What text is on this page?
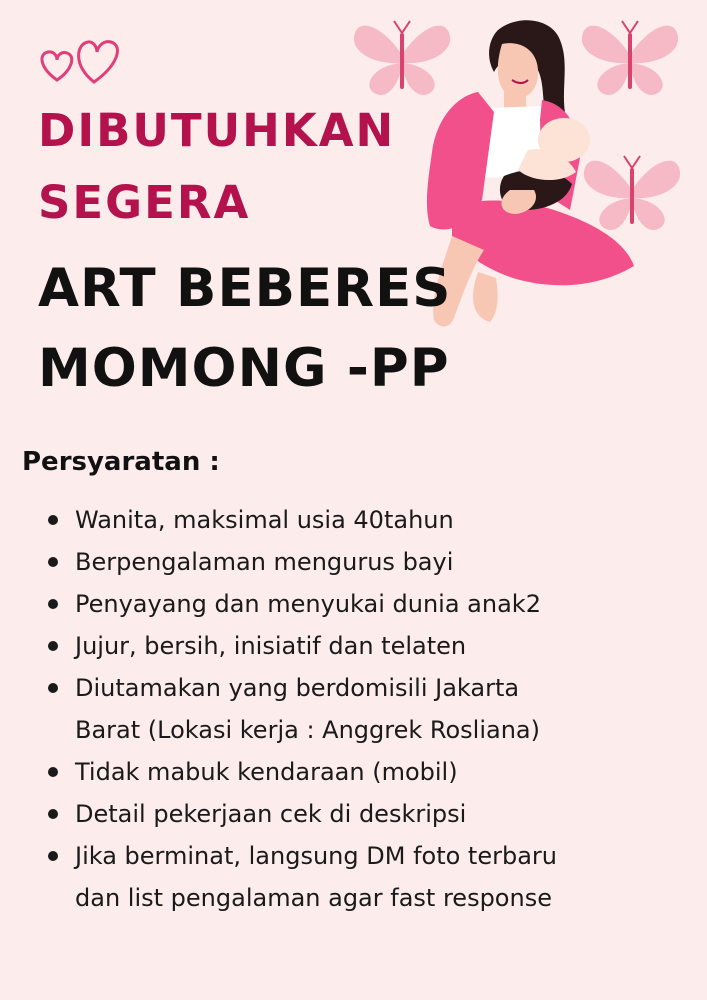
DIBUTUHKAN
SEGERA
ART BEBERES
MOMONG -PP
Persyaratan :
Wanita, maksimal usia 40tahun
Berpengalaman mengurus bayi
Penyayang dan menyukai dunia anak2
Jujur, bersih, inisiatif dan telaten
Diutamakan yang berdomisili Jakarta
Barat (Lokasi kerja : Anggrek Rosliana)
Tidak mabuk kendaraan (mobil)
Detail pekerjaan cek di deskripsi
Jika berminat, langsung DM foto terbaru
dan list pengalaman agar fast response
